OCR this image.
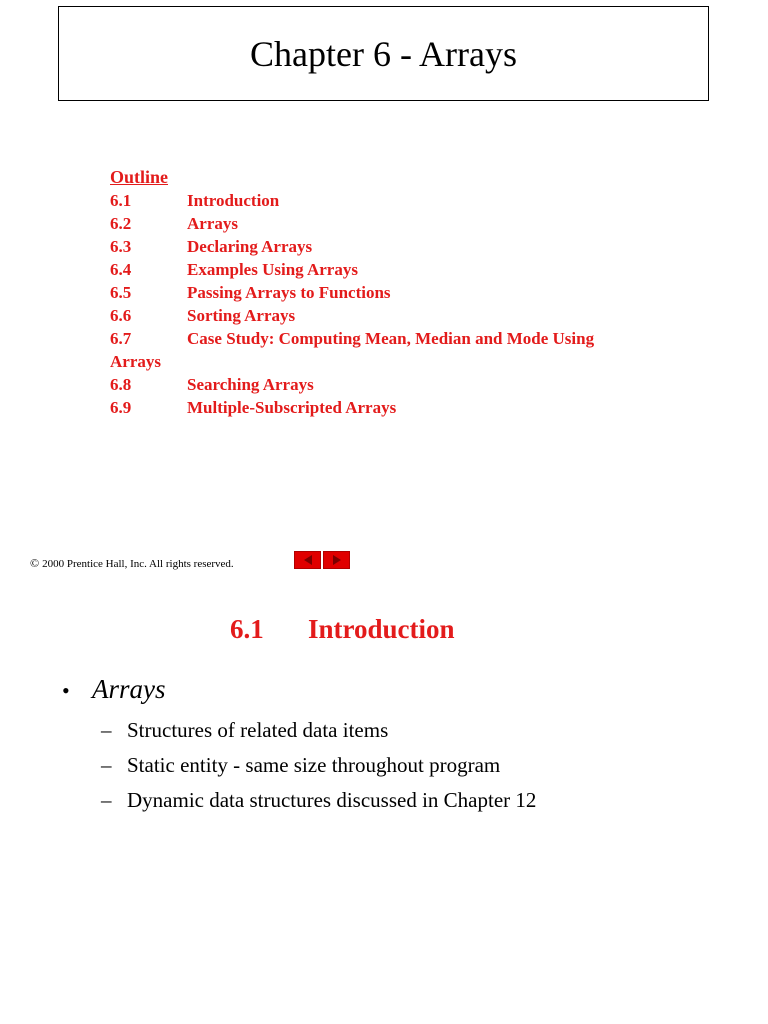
Chapter 6 - Arrays
Outline
6.1	Introduction
6.2	Arrays
6.3	Declaring Arrays
6.4	Examples Using Arrays
6.5	Passing Arrays to Functions
6.6	Sorting Arrays
6.7	Case Study: Computing Mean, Median and Mode Using
Arrays
6.8	Searching Arrays
6.9	Multiple-Subscripted Arrays
© 2000 Prentice Hall, Inc. All rights reserved.
6.1	Introduction
• Arrays
– Structures of related data items
– Static entity - same size throughout program
– Dynamic data structures discussed in Chapter 12
